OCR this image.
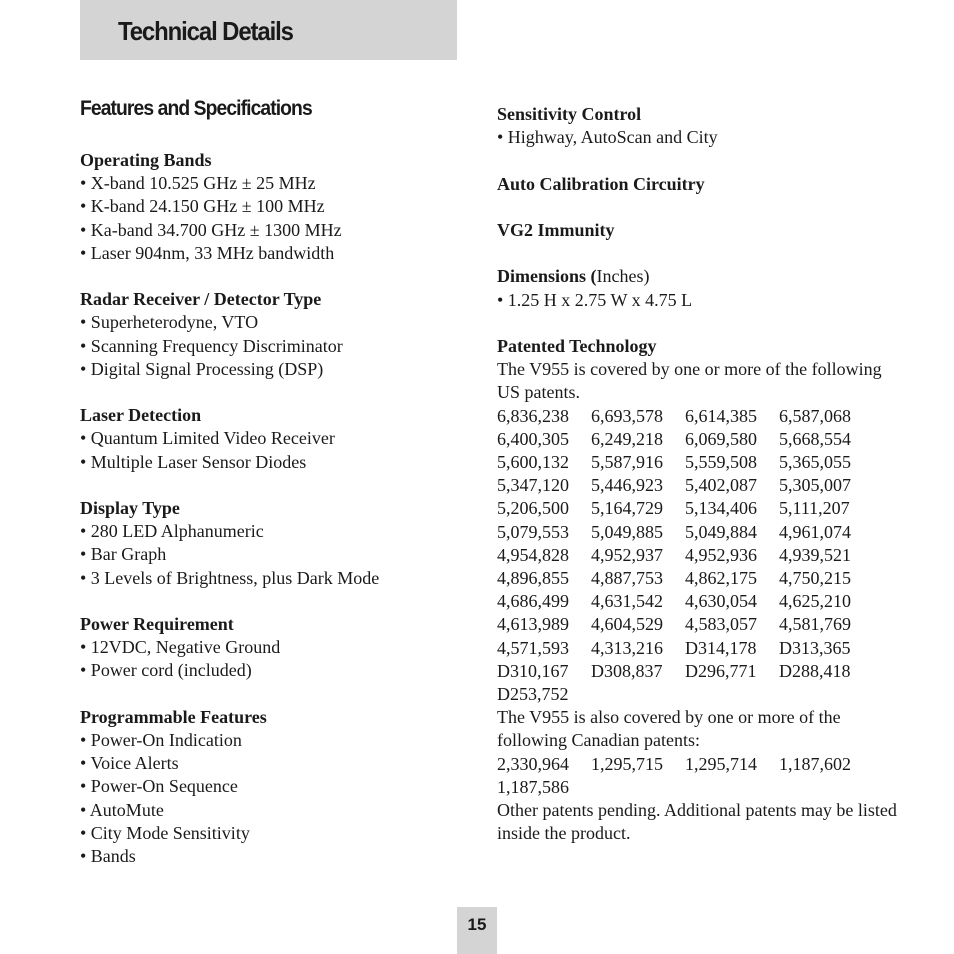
Technical Details
Features and Specifications

Operating Bands

• X-band 10.525 GHz ± 25 MHz
• K-band 24.150 GHz ± 100 MHz
• Ka-band 34.700 GHz ± 1300 MHz
• Laser 904nm, 33 MHz bandwidth

Radar Receiver / Detector Type

• Superheterodyne, VTO
• Scanning Frequency Discriminator
• Digital Signal Processing (DSP)

Laser Detection

• Quantum Limited Video Receiver
• Multiple Laser Sensor Diodes

Display Type

• 280 LED Alphanumeric
• Bar Graph
• 3 Levels of Brightness, plus Dark Mode

Power Requirement

• 12VDC, Negative Ground
• Power cord (included)

Programmable Features

• Power-On Indication
• Voice Alerts
• Power-On Sequence
• AutoMute
• City Mode Sensitivity
• Bands

Sensitivity Control

• Highway, AutoScan and City

Auto Calibration Circuitry

VG2 Immunity

Dimensions (Inches)

• 1.25 H x 2.75 W x 4.75 L

Patented Technology

The V955 is covered by one or more of the following US patents.

6,836,238	6,693,578	6,614,385	6,587,068
6,400,305	6,249,218	6,069,580	5,668,554
5,600,132	5,587,916	5,559,508	5,365,055
5,347,120	5,446,923	5,402,087	5,305,007
5,206,500	5,164,729	5,134,406	5,111,207
5,079,553	5,049,885	5,049,884	4,961,074
4,954,828	4,952,937	4,952,936	4,939,521
4,896,855	4,887,753	4,862,175	4,750,215
4,686,499	4,631,542	4,630,054	4,625,210
4,613,989	4,604,529	4,583,057	4,581,769
4,571,593	4,313,216	D314,178	D313,365
D310,167	D308,837	D296,771	D288,418
D253,752

The V955 is also covered by one or more of the following Canadian patents:

2,330,964	1,295,715	1,295,714	1,187,602
1,187,586

Other patents pending. Additional patents may be listed inside the product.

15
